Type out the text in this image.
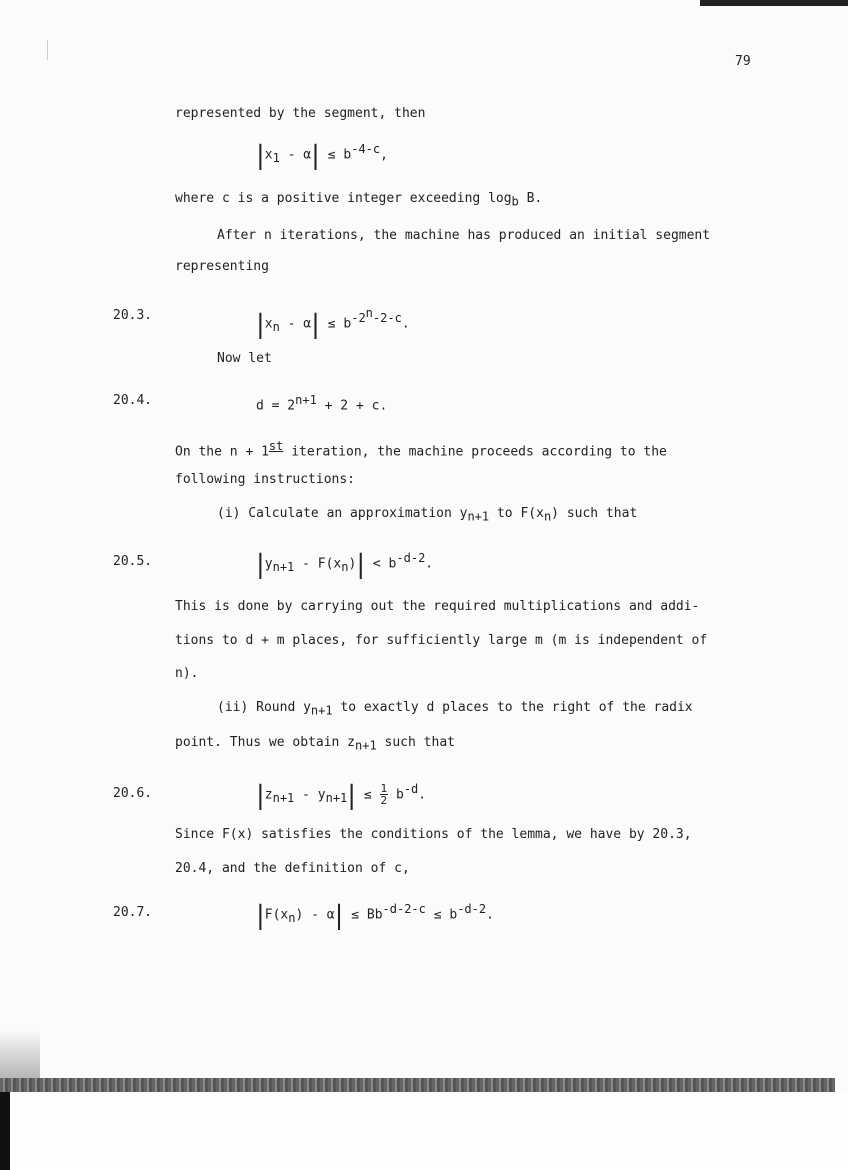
79
represented by the segment, then
$|x_1 - \alpha| \le b^{-4-c}$,
where c is a positive integer exceeding $\log_b B$.
After n iterations, the machine has produced an initial segment
representing
20.3.	$|x_n - \alpha| \le b^{-2^n-2-c}$.
Now let
20.4.	$d = 2^{n+1} + 2 + c$.
On the n + 1st iteration, the machine proceeds according to the
following instructions:
(i) Calculate an approximation $y_{n+1}$ to $F(x_n)$ such that
20.5.	$|y_{n+1} - F(x_n)| < b^{-d-2}$.
This is done by carrying out the required multiplications and addi-
tions to d + m places, for sufficiently large m (m is independent of
n).
(ii) Round $y_{n+1}$ to exactly d places to the right of the radix
point. Thus we obtain $z_{n+1}$ such that
20.6.	$|z_{n+1} - y_{n+1}| \le \frac{1}{2} b^{-d}$.
Since F(x) satisfies the conditions of the lemma, we have by 20.3,
20.4, and the definition of c,
20.7.	$|F(x_n) - \alpha| \le Bb^{-d-2-c} \le b^{-d-2}$.
